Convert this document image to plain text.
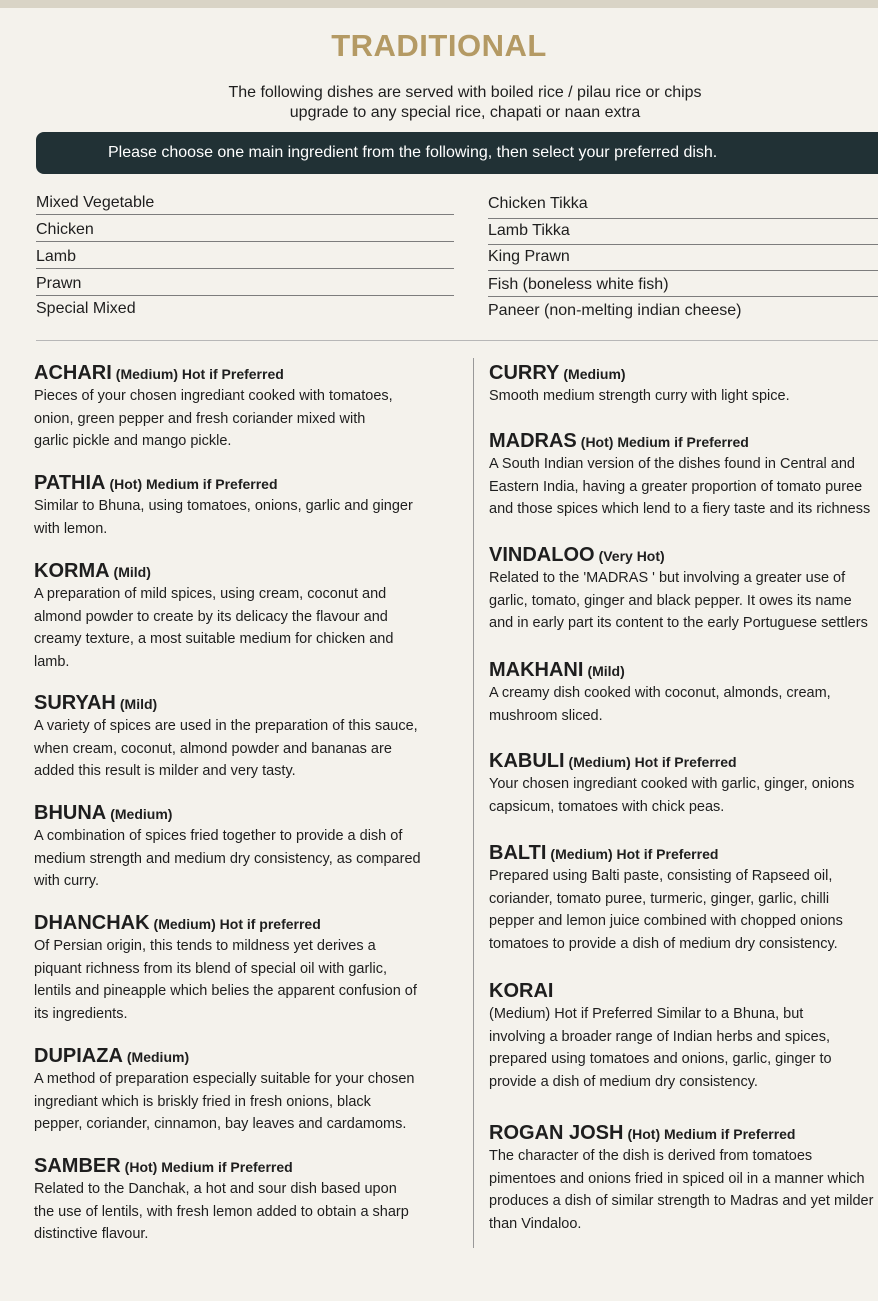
TRADITIONAL
The following dishes are served with boiled rice / pilau rice or chips
upgrade to any special rice, chapati or naan extra
Please choose one main ingredient from the following, then select your preferred dish.
Mixed Vegetable
Chicken
Lamb
Prawn
Special Mixed
Chicken Tikka
Lamb Tikka
King Prawn
Fish (boneless white fish)
Paneer (non-melting indian cheese)
ACHARI (Medium) Hot if Preferred
Pieces of your chosen ingrediant cooked with tomatoes,
onion, green pepper and fresh coriander mixed with
garlic pickle and mango pickle.
PATHIA (Hot) Medium if Preferred
Similar to Bhuna, using tomatoes, onions, garlic and ginger
with lemon.
KORMA (Mild)
A preparation of mild spices, using cream, coconut and
almond powder to create by its delicacy the flavour and
creamy texture, a most suitable medium for chicken and
lamb.
SURYAH (Mild)
A variety of spices are used in the preparation of this sauce,
when cream, coconut, almond powder and bananas are
added this result is milder and very tasty.
BHUNA (Medium)
A combination of spices fried together to provide a dish of
medium strength and medium dry consistency, as compared
with curry.
DHANCHAK (Medium) Hot if preferred
Of Persian origin, this tends to mildness yet derives a
piquant richness from its blend of special oil with garlic,
lentils and pineapple which belies the apparent confusion of
its ingredients.
DUPIAZA (Medium)
A method of preparation especially suitable for your chosen
ingrediant which is briskly fried in fresh onions, black
pepper, coriander, cinnamon, bay leaves and cardamoms.
SAMBER (Hot) Medium if Preferred
Related to the Danchak, a hot and sour dish based upon
the use of lentils, with fresh lemon added to obtain a sharp
distinctive flavour.
CURRY (Medium)
Smooth medium strength curry with light spice.
MADRAS (Hot) Medium if Preferred
A South Indian version of the dishes found in Central and
Eastern India, having a greater proportion of tomato puree
and those spices which lend to a fiery taste and its richness
VINDALOO (Very Hot)
Related to the 'MADRAS ' but involving a greater use of
garlic, tomato, ginger and black pepper. It owes its name
and in early part its content to the early Portuguese settlers
MAKHANI (Mild)
A creamy dish cooked with coconut, almonds, cream,
mushroom sliced.
KABULI (Medium) Hot if Preferred
Your chosen ingrediant cooked with garlic, ginger, onions
capsicum, tomatoes with chick peas.
BALTI (Medium) Hot if Preferred
Prepared using Balti paste, consisting of Rapseed oil,
coriander, tomato puree, turmeric, ginger, garlic, chilli
pepper and lemon juice combined with chopped onions
tomatoes to provide a dish of medium dry consistency.
KORAI
(Medium) Hot if Preferred Similar to a Bhuna, but
involving a broader range of Indian herbs and spices,
prepared using tomatoes and onions, garlic, ginger to
provide a dish of medium dry consistency.
ROGAN JOSH (Hot) Medium if Preferred
The character of the dish is derived from tomatoes
pimentoes and onions fried in spiced oil in a manner which
produces a dish of similar strength to Madras and yet milder
than Vindaloo.
